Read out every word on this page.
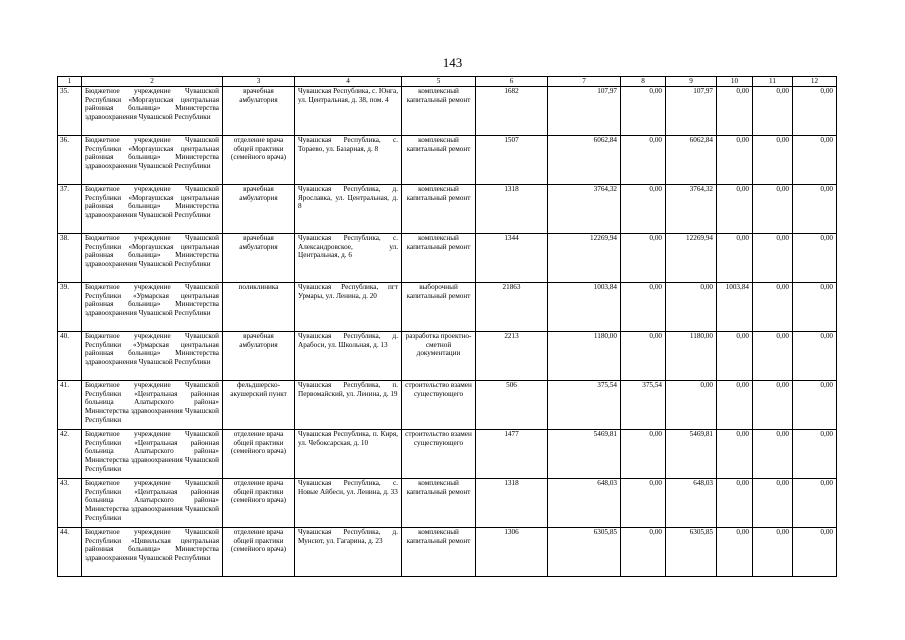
143
1	2	3	4	5	6	7	8	9	10	11	12
35.	Бюджетное учреждение Чувашской Республики «Моргаушская центральная районная больница» Министерства здравоохранения Чувашской Республики	врачебная амбулатория	Чувашская Республика, с. Юнга, ул. Центральная, д. 38, пом. 4	комплексный капитальный ремонт	1682	107,97	0,00	107,97	0,00	0,00	0,00
36.	Бюджетное учреждение Чувашской Республики «Моргаушская центральная районная больница» Министерства здравоохранения Чувашской Республики	отделение врача общей практики (семейного врача)	Чувашская Республика, с. Тораево, ул. Базарная, д. 8	комплексный капитальный ремонт	1507	6062,84	0,00	6062,84	0,00	0,00	0,00
37.	Бюджетное учреждение Чувашской Республики «Моргаушская центральная районная больница» Министерства здравоохранения Чувашской Республики	врачебная амбулатория	Чувашская Республика, д. Ярославка, ул. Центральная, д. 8	комплексный капитальный ремонт	1318	3764,32	0,00	3764,32	0,00	0,00	0,00
38.	Бюджетное учреждение Чувашской Республики «Моргаушская центральная районная больница» Министерства здравоохранения Чувашской Республики	врачебная амбулатория	Чувашская Республика, с. Александровское, ул. Центральная, д. 6	комплексный капитальный ремонт	1344	12269,94	0,00	12269,94	0,00	0,00	0,00
39.	Бюджетное учреждение Чувашской Республики «Урмарская центральная районная больница» Министерства здравоохранения Чувашской Республики	поликлиника	Чувашская Республика, пгт Урмары, ул. Ленина, д. 20	выборочный капитальный ремонт	21863	1003,84	0,00	0,00	1003,84	0,00	0,00
40.	Бюджетное учреждение Чувашской Республики «Урмарская центральная районная больница» Министерства здравоохранения Чувашской Республики	врачебная амбулатория	Чувашская Республика, д. Арабоси, ул. Школьная, д. 13	разработка проектно-сметной документации	2213	1180,00	0,00	1180,00	0,00	0,00	0,00
41.	Бюджетное учреждение Чувашской Республики «Центральная районная больница Алатырского района» Министерства здравоохранения Чувашской Республики	фельдшерско-акушерский пункт	Чувашская Республика, п. Первомайский, ул. Ленина, д. 19	строительство взамен существующего	506	375,54	375,54	0,00	0,00	0,00	0,00
42.	Бюджетное учреждение Чувашской Республики «Центральная районная больница Алатырского района» Министерства здравоохранения Чувашской Республики	отделение врача общей практики (семейного врача)	Чувашская Республика, п. Киря, ул. Чебоксарская, д. 10	строительство взамен существующего	1477	5469,81	0,00	5469,81	0,00	0,00	0,00
43.	Бюджетное учреждение Чувашской Республики «Центральная районная больница Алатырского района» Министерства здравоохранения Чувашской Республики	отделение врача общей практики (семейного врача)	Чувашская Республика, с. Новые Айбеси, ул. Ленина, д. 33	комплексный капитальный ремонт	1318	648,03	0,00	648,03	0,00	0,00	0,00
44.	Бюджетное учреждение Чувашской Республики «Цивильская центральная районная больница» Министерства здравоохранения Чувашской Республики	отделение врача общей практики (семейного врача)	Чувашская Республика, д. Мунсют, ул. Гагарина, д. 23	комплексный капитальный ремонт	1306	6305,85	0,00	6305,85	0,00	0,00	0,00
